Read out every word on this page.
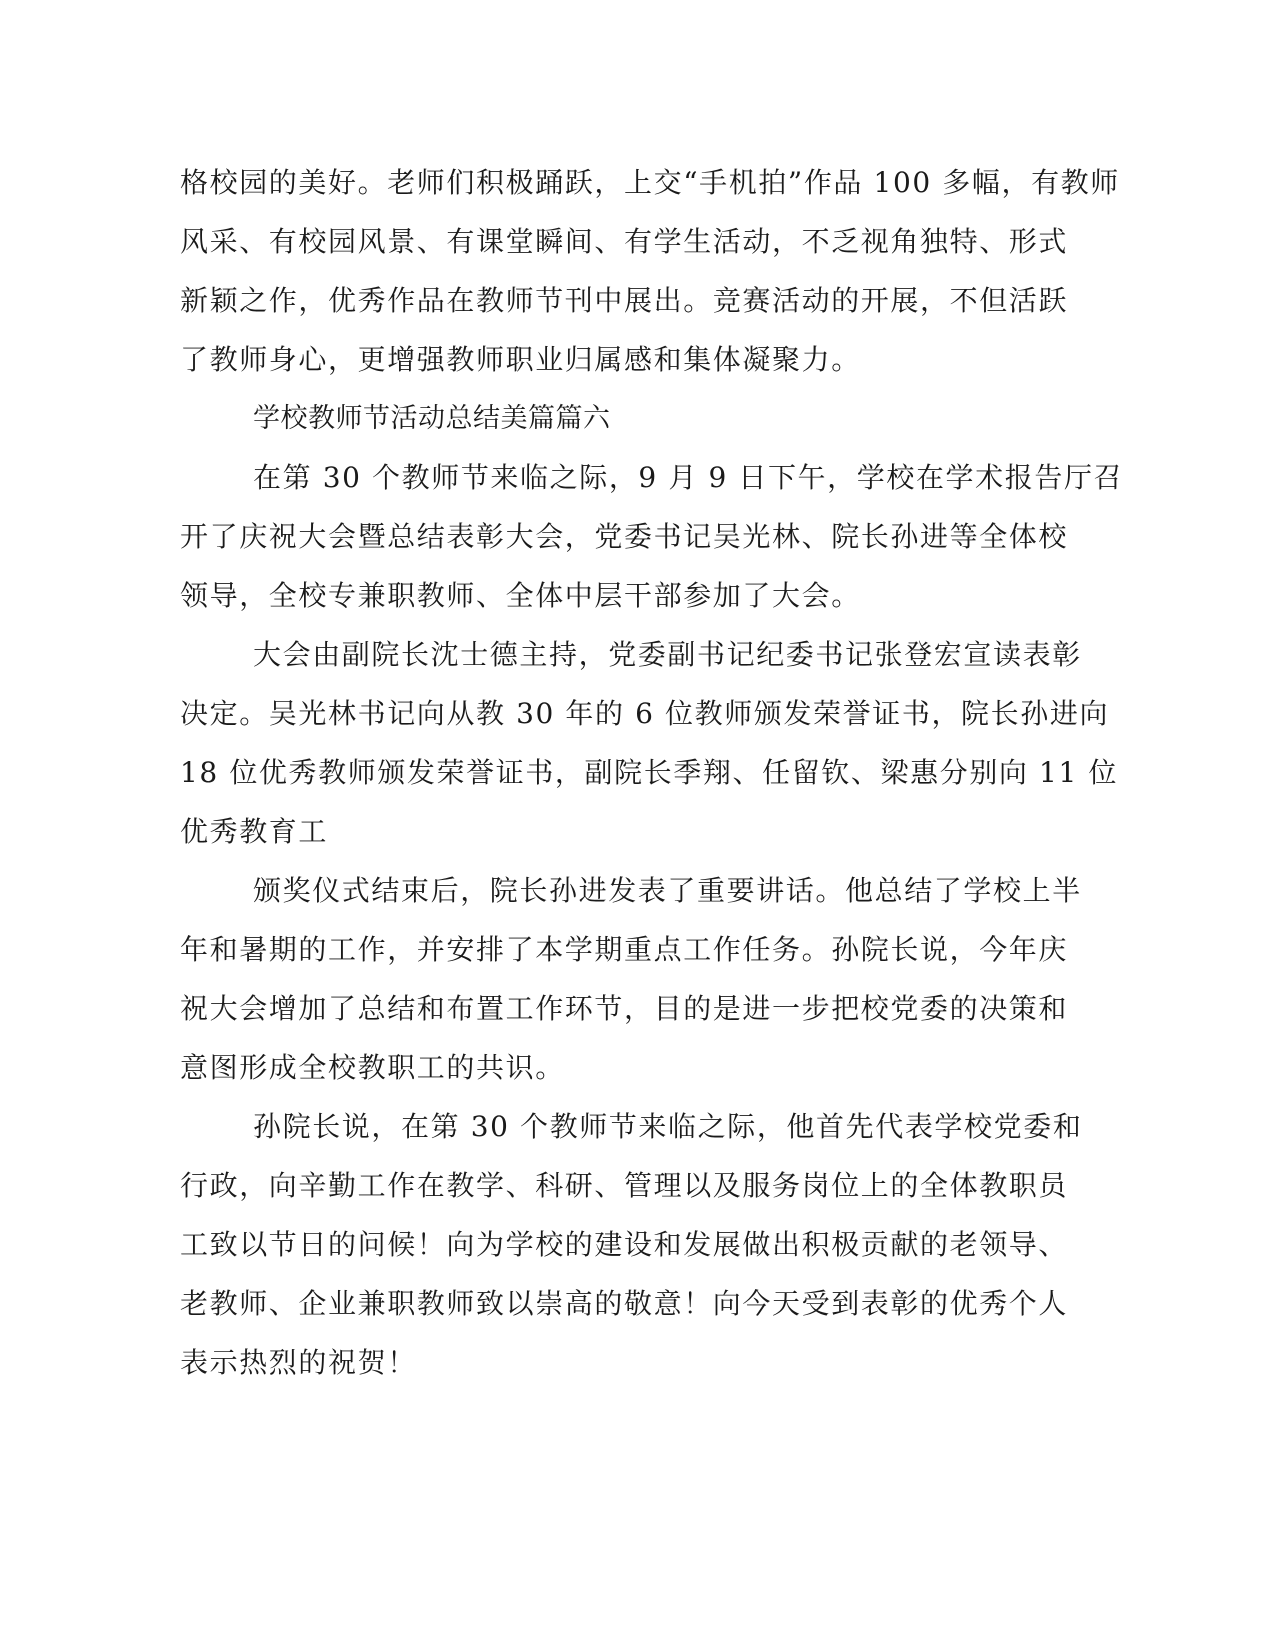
格校园的美好。老师们积极踊跃，上交“手机拍”作品 100 多幅，有教师
风采、有校园风景、有课堂瞬间、有学生活动，不乏视角独特、形式
新颖之作，优秀作品在教师节刊中展出。竞赛活动的开展，不但活跃
了教师身心，更增强教师职业归属感和集体凝聚力。
学校教师节活动总结美篇篇六
在第 30 个教师节来临之际，9 月 9 日下午，学校在学术报告厅召
开了庆祝大会暨总结表彰大会，党委书记吴光林、院长孙进等全体校
领导，全校专兼职教师、全体中层干部参加了大会。
大会由副院长沈士德主持，党委副书记纪委书记张登宏宣读表彰
决定。吴光林书记向从教 30 年的 6 位教师颁发荣誉证书，院长孙进向
18 位优秀教师颁发荣誉证书，副院长季翔、任留钦、梁惠分别向 11 位
优秀教育工
颁奖仪式结束后，院长孙进发表了重要讲话。他总结了学校上半
年和暑期的工作，并安排了本学期重点工作任务。孙院长说，今年庆
祝大会增加了总结和布置工作环节，目的是进一步把校党委的决策和
意图形成全校教职工的共识。
孙院长说，在第 30 个教师节来临之际，他首先代表学校党委和
行政，向辛勤工作在教学、科研、管理以及服务岗位上的全体教职员
工致以节日的问候！向为学校的建设和发展做出积极贡献的老领导、
老教师、企业兼职教师致以崇高的敬意！向今天受到表彰的优秀个人
表示热烈的祝贺！
